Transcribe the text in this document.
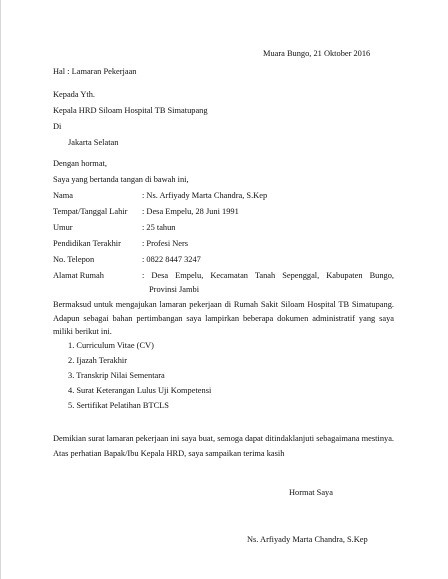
Muara Bungo, 21 Oktober 2016
Hal : Lamaran Pekerjaan
Kepada Yth.
Kepala HRD Siloam Hospital TB Simatupang
Di
Jakarta Selatan
Dengan hormat,
Saya yang bertanda tangan di bawah ini,
Nama	: Ns. Arfiyady Marta Chandra, S.Kep
Tempat/Tanggal Lahir : Desa Empelu, 28 Juni 1991
Umur	: 25 tahun
Pendidikan Terakhir	: Profesi Ners
No. Telepon	: 0822 8447 3247
Alamat Rumah	: Desa Empelu, Kecamatan Tanah Sepenggal, Kabupaten Bungo,
Provinsi Jambi
Bermaksud untuk mengajukan lamaran pekerjaan di Rumah Sakit Siloam Hospital TB Simatupang. Adapun sebagai bahan pertimbangan saya lampirkan beberapa dokumen administratif yang saya miliki berikut ini.
1. Curriculum Vitae (CV)
2. Ijazah Terakhir
3. Transkrip Nilai Sementara
4. Surat Keterangan Lulus Uji Kompetensi
5. Sertifikat Pelatihan BTCLS
Demikian surat lamaran pekerjaan ini saya buat, semoga dapat ditindaklanjuti sebagaimana mestinya. Atas perhatian Bapak/Ibu Kepala HRD, saya sampaikan terima kasih
Hormat Saya
Ns. Arfiyady Marta Chandra, S.Kep
